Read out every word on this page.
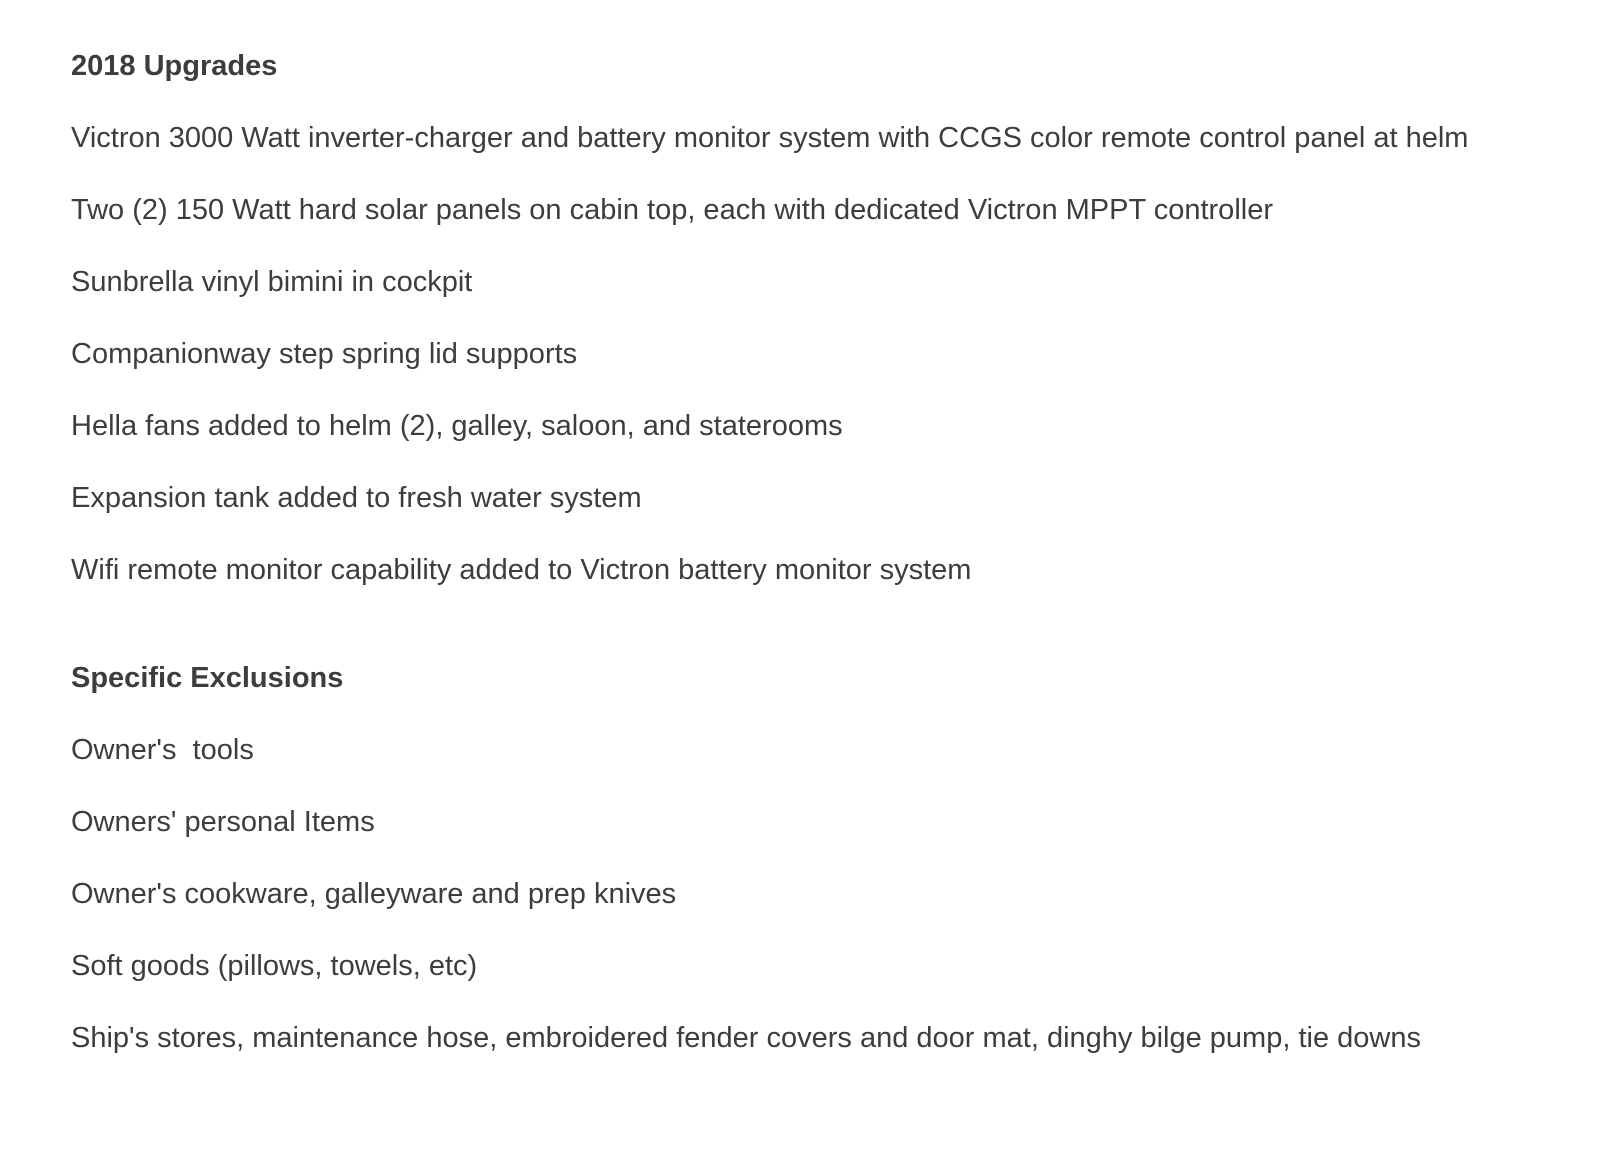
2018 Upgrades
Victron 3000 Watt inverter-charger and battery monitor system with CCGS color remote control panel at helm
Two (2) 150 Watt hard solar panels on cabin top, each with dedicated Victron MPPT controller
Sunbrella vinyl bimini in cockpit
Companionway step spring lid supports
Hella fans added to helm (2), galley, saloon, and staterooms
Expansion tank added to fresh water system
Wifi remote monitor capability added to Victron battery monitor system
Specific Exclusions
Owner's  tools
Owners' personal Items
Owner's cookware, galleyware and prep knives
Soft goods (pillows, towels, etc)
Ship's stores, maintenance hose, embroidered fender covers and door mat, dinghy bilge pump, tie downs
